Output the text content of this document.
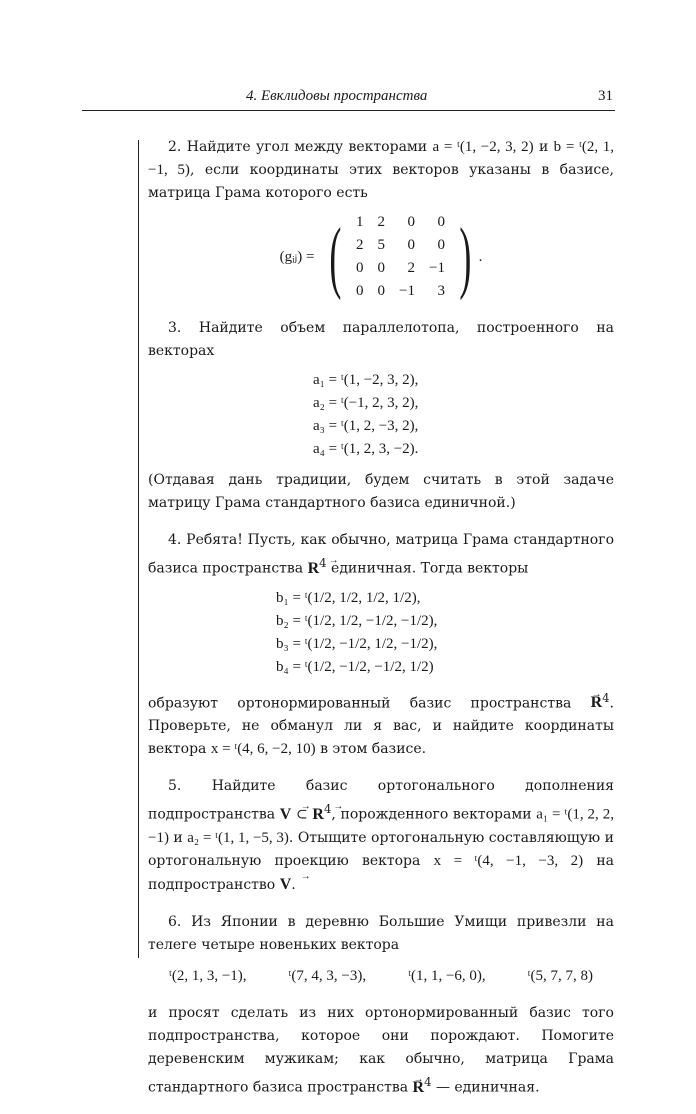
4. Евклидовы пространства	31

2. Найдите угол между векторами a = ᵗ(1, −2, 3, 2) и b = ᵗ(2, 1, −1, 5), если координаты этих векторов указаны в базисе, матрица Грама которого есть

(gᵢⱼ) = ( 1	2	0	0
2	5	0	0
0	0	2	−1
0	0	−1	3 ) .

3. Найдите объем параллелотопа, построенного на векторах

a₁ = ᵗ(1, −2, 3, 2),
a₂ = ᵗ(−1, 2, 3, 2),
a₃ = ᵗ(1, 2, −3, 2),
a₄ = ᵗ(1, 2, 3, −2).

(Отдавая дань традиции, будем считать в этой задаче матрицу Грама стандартного базиса единичной.)

4. Ребята! Пусть, как обычно, матрица Грама стандартного базиса пространства → $R^4$ единичная. Тогда векторы

b₁ = ᵗ(1/2, 1/2, 1/2, 1/2),
b₂ = ᵗ(1/2, 1/2, −1/2, −1/2),
b₃ = ᵗ(1/2, −1/2, 1/2, −1/2),
b₄ = ᵗ(1/2, −1/2, −1/2, 1/2)

образуют ортонормированный базис пространства → $R^4$. Проверьте, не обманул ли я вас, и найдите координаты вектора x = ᵗ(4, 6, −2, 10) в этом базисе.

5. Найдите базис ортогонального дополнения подпространства → V ⊂ → $R^4$, порожденного векторами a₁ = ᵗ(1, 2, 2, −1) и a₂ = ᵗ(1, 1, −5, 3). Отыщите ортогональную составляющую и ортогональную проекцию вектора x = ᵗ(4, −1, −3, 2) на подпространство → V.

6. Из Японии в деревню Большие Умищи привезли на телеге четыре новеньких вектора

ᵗ(2, 1, 3, −1),	ᵗ(7, 4, 3, −3),	ᵗ(1, 1, −6, 0),	ᵗ(5, 7, 7, 8)

и просят сделать из них ортонормированный базис того подпространства, которое они порождают. Помогите деревенским мужикам; как обычно, матрица Грама стандартного базиса пространства → $R^4$ — единичная.
